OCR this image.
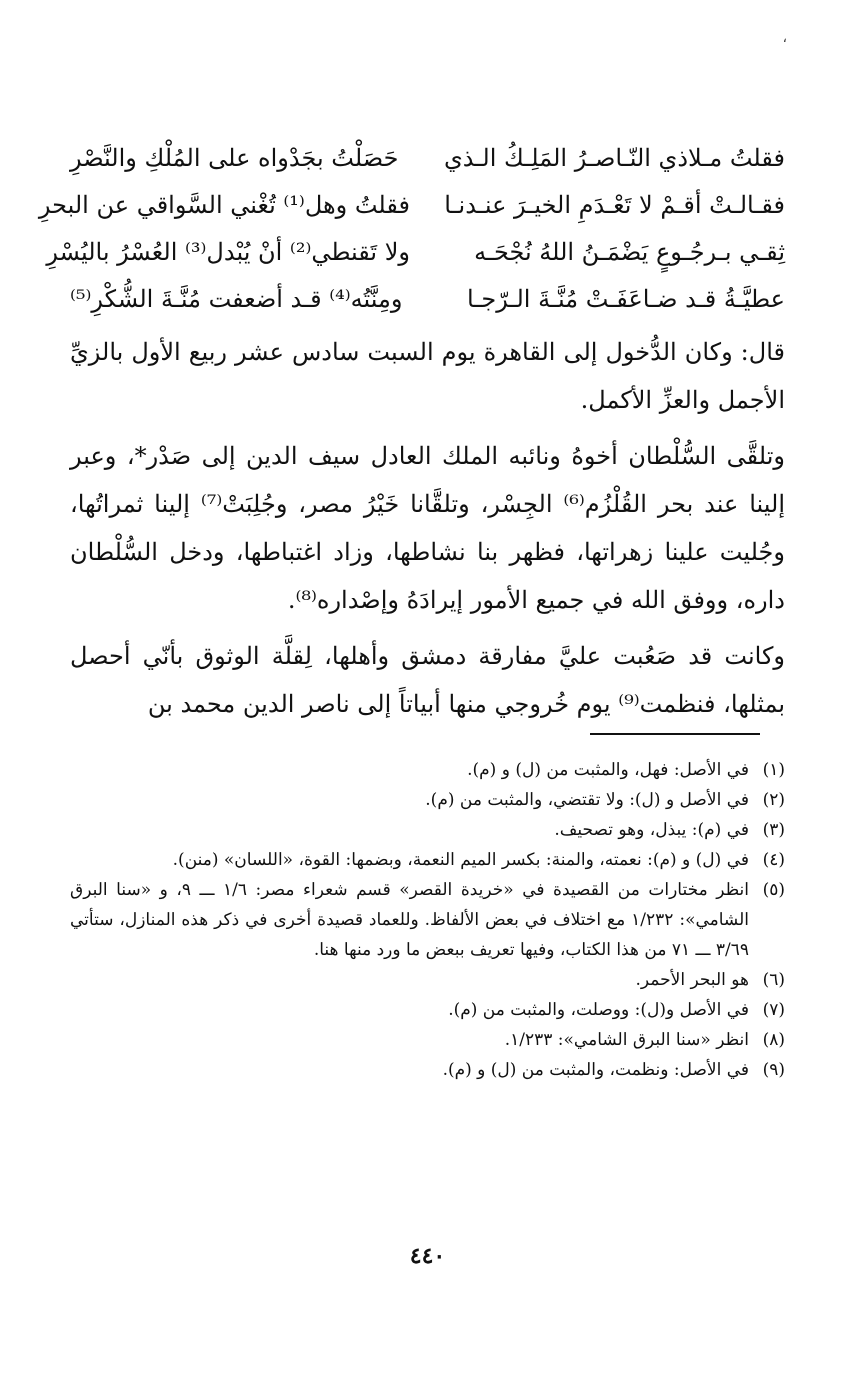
،
فقلتُ مـلاذي النّـاصـرُ المَلِـكُ الـذي
حَصَلْتُ بجَدْواه على المُلْكِ والنَّصْرِ
فقـالـتْ أقـمْ لا تَعْـدَمِ الخيـرَ عنـدنـا
فقلتُ وهل⁽¹⁾ تُغْني السَّواقي عن البحرِ
ثِقـي بـرجُـوعٍ يَضْمَـنُ اللهُ نُجْحَـه
ولا تَقنطي⁽²⁾ أنْ يُبْدل⁽³⁾ العُسْرُ باليُسْرِ
عطيَّـةُ قـد ضـاعَفَـتْ مُنَّـةَ الـرّجـا
ومِنَّتُه⁽⁴⁾ قـد أضعفت مُنَّـةَ الشُّكْرِ⁽⁵⁾

قال: وكان الدُّخول إلى القاهرة يوم السبت سادس عشر ربيع الأول بالزيِّ الأجمل والعزِّ الأكمل.

وتلقَّى السُّلْطان أخوهُ ونائبه الملك العادل سيف الدين إلى صَدْر*، وعبر إلينا عند بحر القُلْزُم⁽⁶⁾ الجِسْر، وتلقَّانا خَيْرُ مصر، وجُلِبَتْ⁽⁷⁾ إلينا ثمراتُها، وجُليت علينا زهراتها، فظهر بنا نشاطها، وزاد اغتباطها، ودخل السُّلْطان داره، ووفق الله في جميع الأمور إيرادَهُ وإصْداره⁽⁸⁾.

وكانت قد صَعُبت عليَّ مفارقة دمشق وأهلها، لِقلَّة الوثوق بأنّي أحصل بمثلها، فنظمت⁽⁹⁾ يوم خُروجي منها أبياتاً إلى ناصر الدين محمد بن

(١)
في الأصل: فهل، والمثبت من (ل) و (م).
(٢)
في الأصل و (ل): ولا تقتضي، والمثبت من (م).
(٣)
في (م): يبذل، وهو تصحيف.
(٤)
في (ل) و (م): نعمته، والمنة: بكسر الميم النعمة، وبضمها: القوة، «اللسان» (منن).
(٥)
انظر مختارات من القصيدة في «خريدة القصر» قسم شعراء مصر: ١/٦ ـــ ٩، و «سنا البرق الشامي»: ١/٢٣٢ مع اختلاف في بعض الألفاظ. وللعماد قصيدة أخرى في ذكر هذه المنازل، ستأتي ٣/٦٩ ـــ ٧١ من هذا الكتاب، وفيها تعريف ببعض ما ورد منها هنا.
(٦)
هو البحر الأحمر.
(٧)
في الأصل و(ل): ووصلت، والمثبت من (م).
(٨)
انظر «سنا البرق الشامي»: ١/٢٣٣.
(٩)
في الأصل: ونظمت، والمثبت من (ل) و (م).
٤٤٠
